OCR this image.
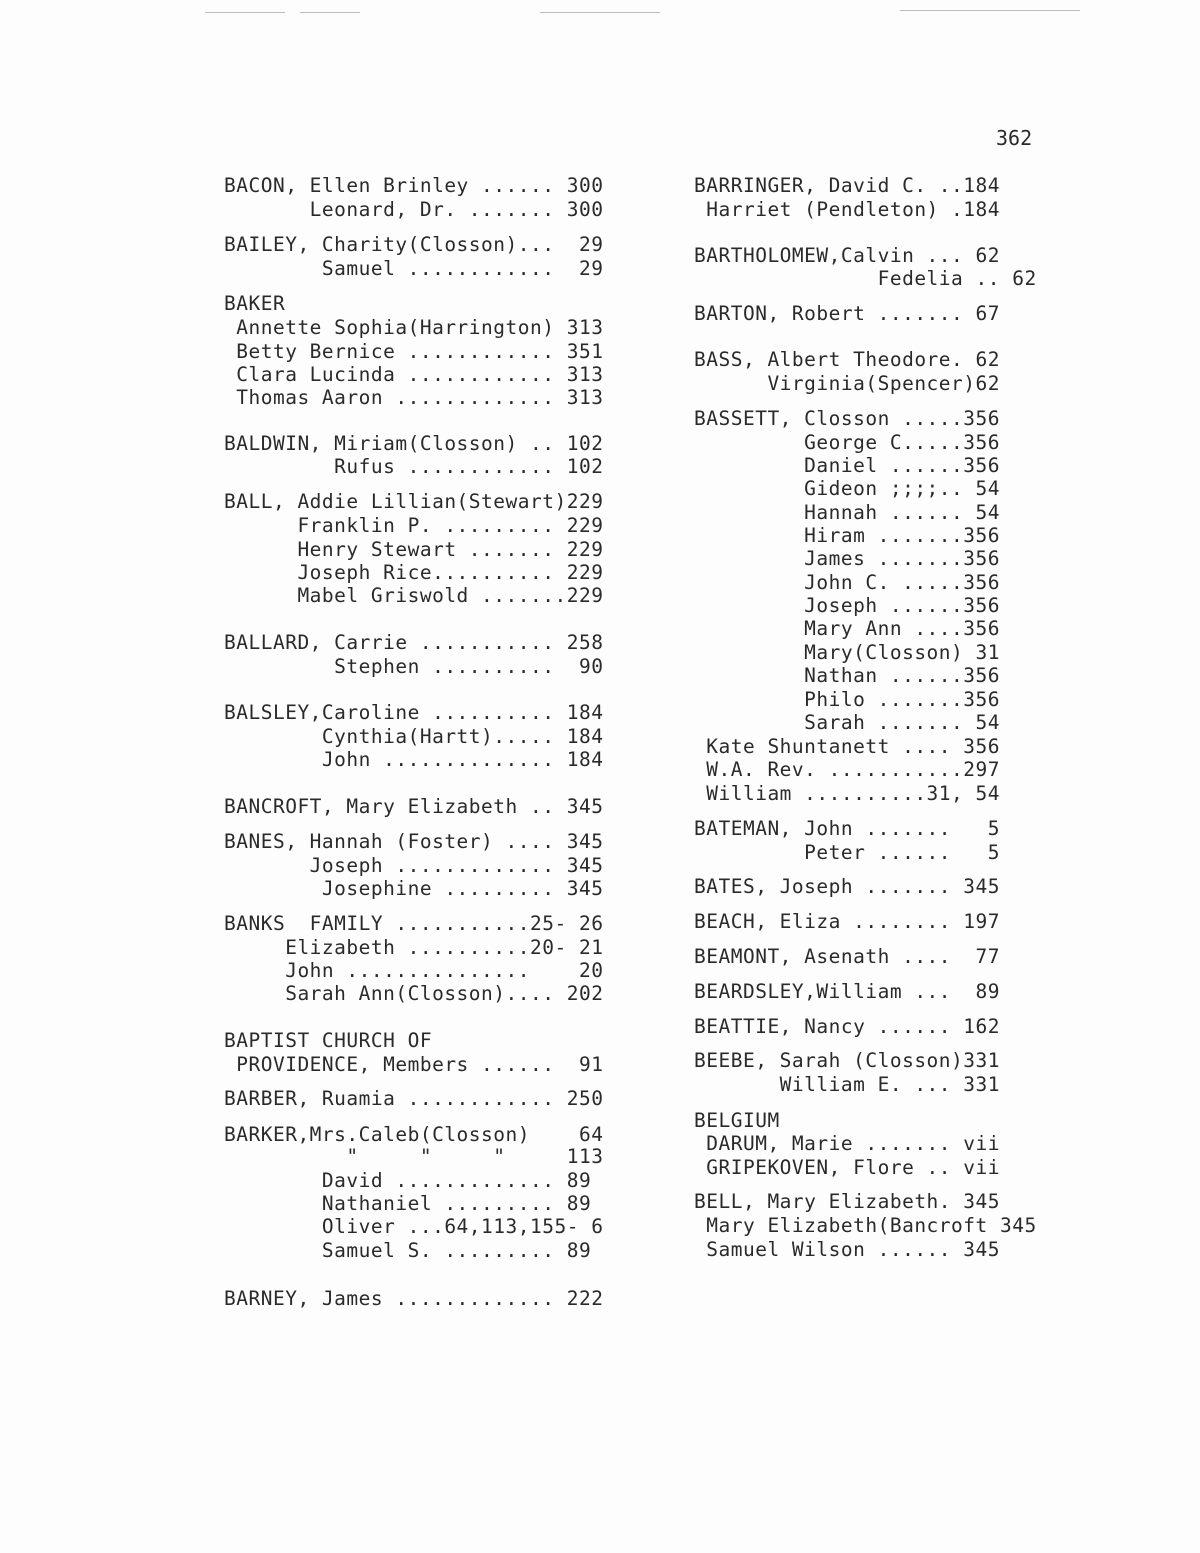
362
BACON, Ellen Brinley ...... 300
Leonard, Dr. ....... 300
BAILEY, Charity(Closson)...  29
Samuel ............  29
BAKER
Annette Sophia(Harrington) 313
Betty Bernice ............ 351
Clara Lucinda ............ 313
Thomas Aaron ............. 313
BALDWIN, Miriam(Closson) .. 102
Rufus ............ 102
BALL, Addie Lillian(Stewart)229
Franklin P. ......... 229
Henry Stewart ....... 229
Joseph Rice.......... 229
Mabel Griswold .......229
BALLARD, Carrie ........... 258
Stephen ..........  90
BALSLEY,Caroline .......... 184
Cynthia(Hartt)..... 184
John .............. 184
BANCROFT, Mary Elizabeth .. 345
BANES, Hannah (Foster) .... 345
Joseph ............. 345
Josephine ......... 345
BANKS  FAMILY ...........25- 26
Elizabeth ..........20- 21
John ...............    20
Sarah Ann(Closson).... 202
BAPTIST CHURCH OF
PROVIDENCE, Members ......  91
BARBER, Ruamia ............ 250
BARKER,Mrs.Caleb(Closson)    64
"     "     "     113
David ............. 89
Nathaniel ......... 89
Oliver ...64,113,155- 6
Samuel S. ......... 89
BARNEY, James ............. 222
BARRINGER, David C. ..184
Harriet (Pendleton) .184
BARTHOLOMEW,Calvin ... 62
Fedelia .. 62
BARTON, Robert ....... 67
BASS, Albert Theodore. 62
Virginia(Spencer)62
BASSETT, Closson .....356
George C.....356
Daniel ......356
Gideon ;;;;.. 54
Hannah ...... 54
Hiram .......356
James .......356
John C. .....356
Joseph ......356
Mary Ann ....356
Mary(Closson) 31
Nathan ......356
Philo .......356
Sarah ....... 54
Kate Shuntanett .... 356
W.A. Rev. ...........297
William ..........31, 54
BATEMAN, John .......   5
Peter ......   5
BATES, Joseph ....... 345
BEACH, Eliza ........ 197
BEAMONT, Asenath ....  77
BEARDSLEY,William ...  89
BEATTIE, Nancy ...... 162
BEEBE, Sarah (Closson)331
William E. ... 331
BELGIUM
DARUM, Marie ....... vii
GRIPEKOVEN, Flore .. vii
BELL, Mary Elizabeth. 345
Mary Elizabeth(Bancroft 345
Samuel Wilson ...... 345
